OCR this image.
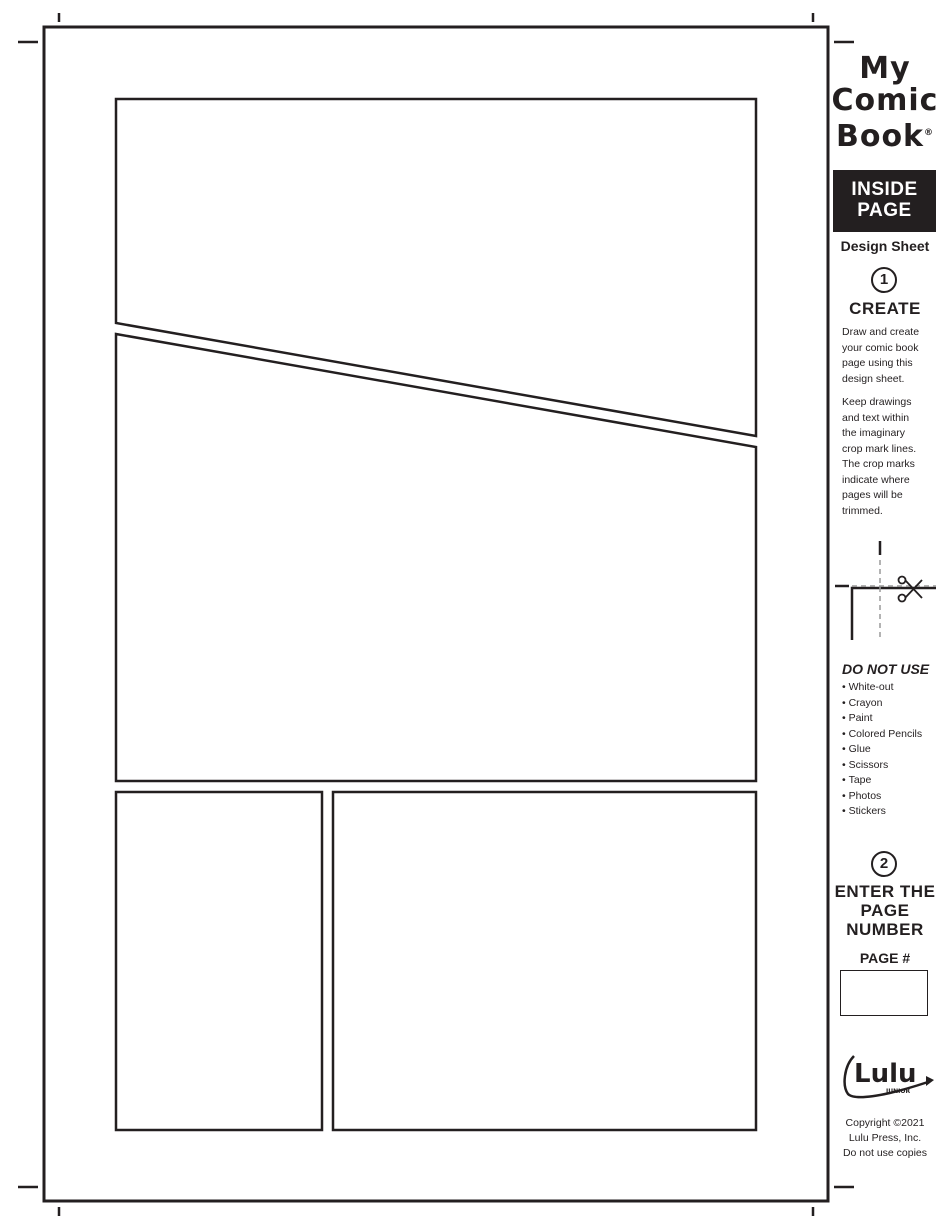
My
Comic
Book®
INSIDE
PAGE
Design Sheet
1
CREATE
Draw and create
your comic book
page using this
design sheet.
Keep drawings
and text within
the imaginary
crop mark lines.
The crop marks
indicate where
pages will be
trimmed.
DO NOT USE
• White-out
• Crayon
• Paint
• Colored Pencils
• Glue
• Scissors
• Tape
• Photos
• Stickers
2
ENTER THE
PAGE
NUMBER
PAGE #
Lulu
JUNIOR
Copyright ©2021
Lulu Press, Inc.
Do not use copies
